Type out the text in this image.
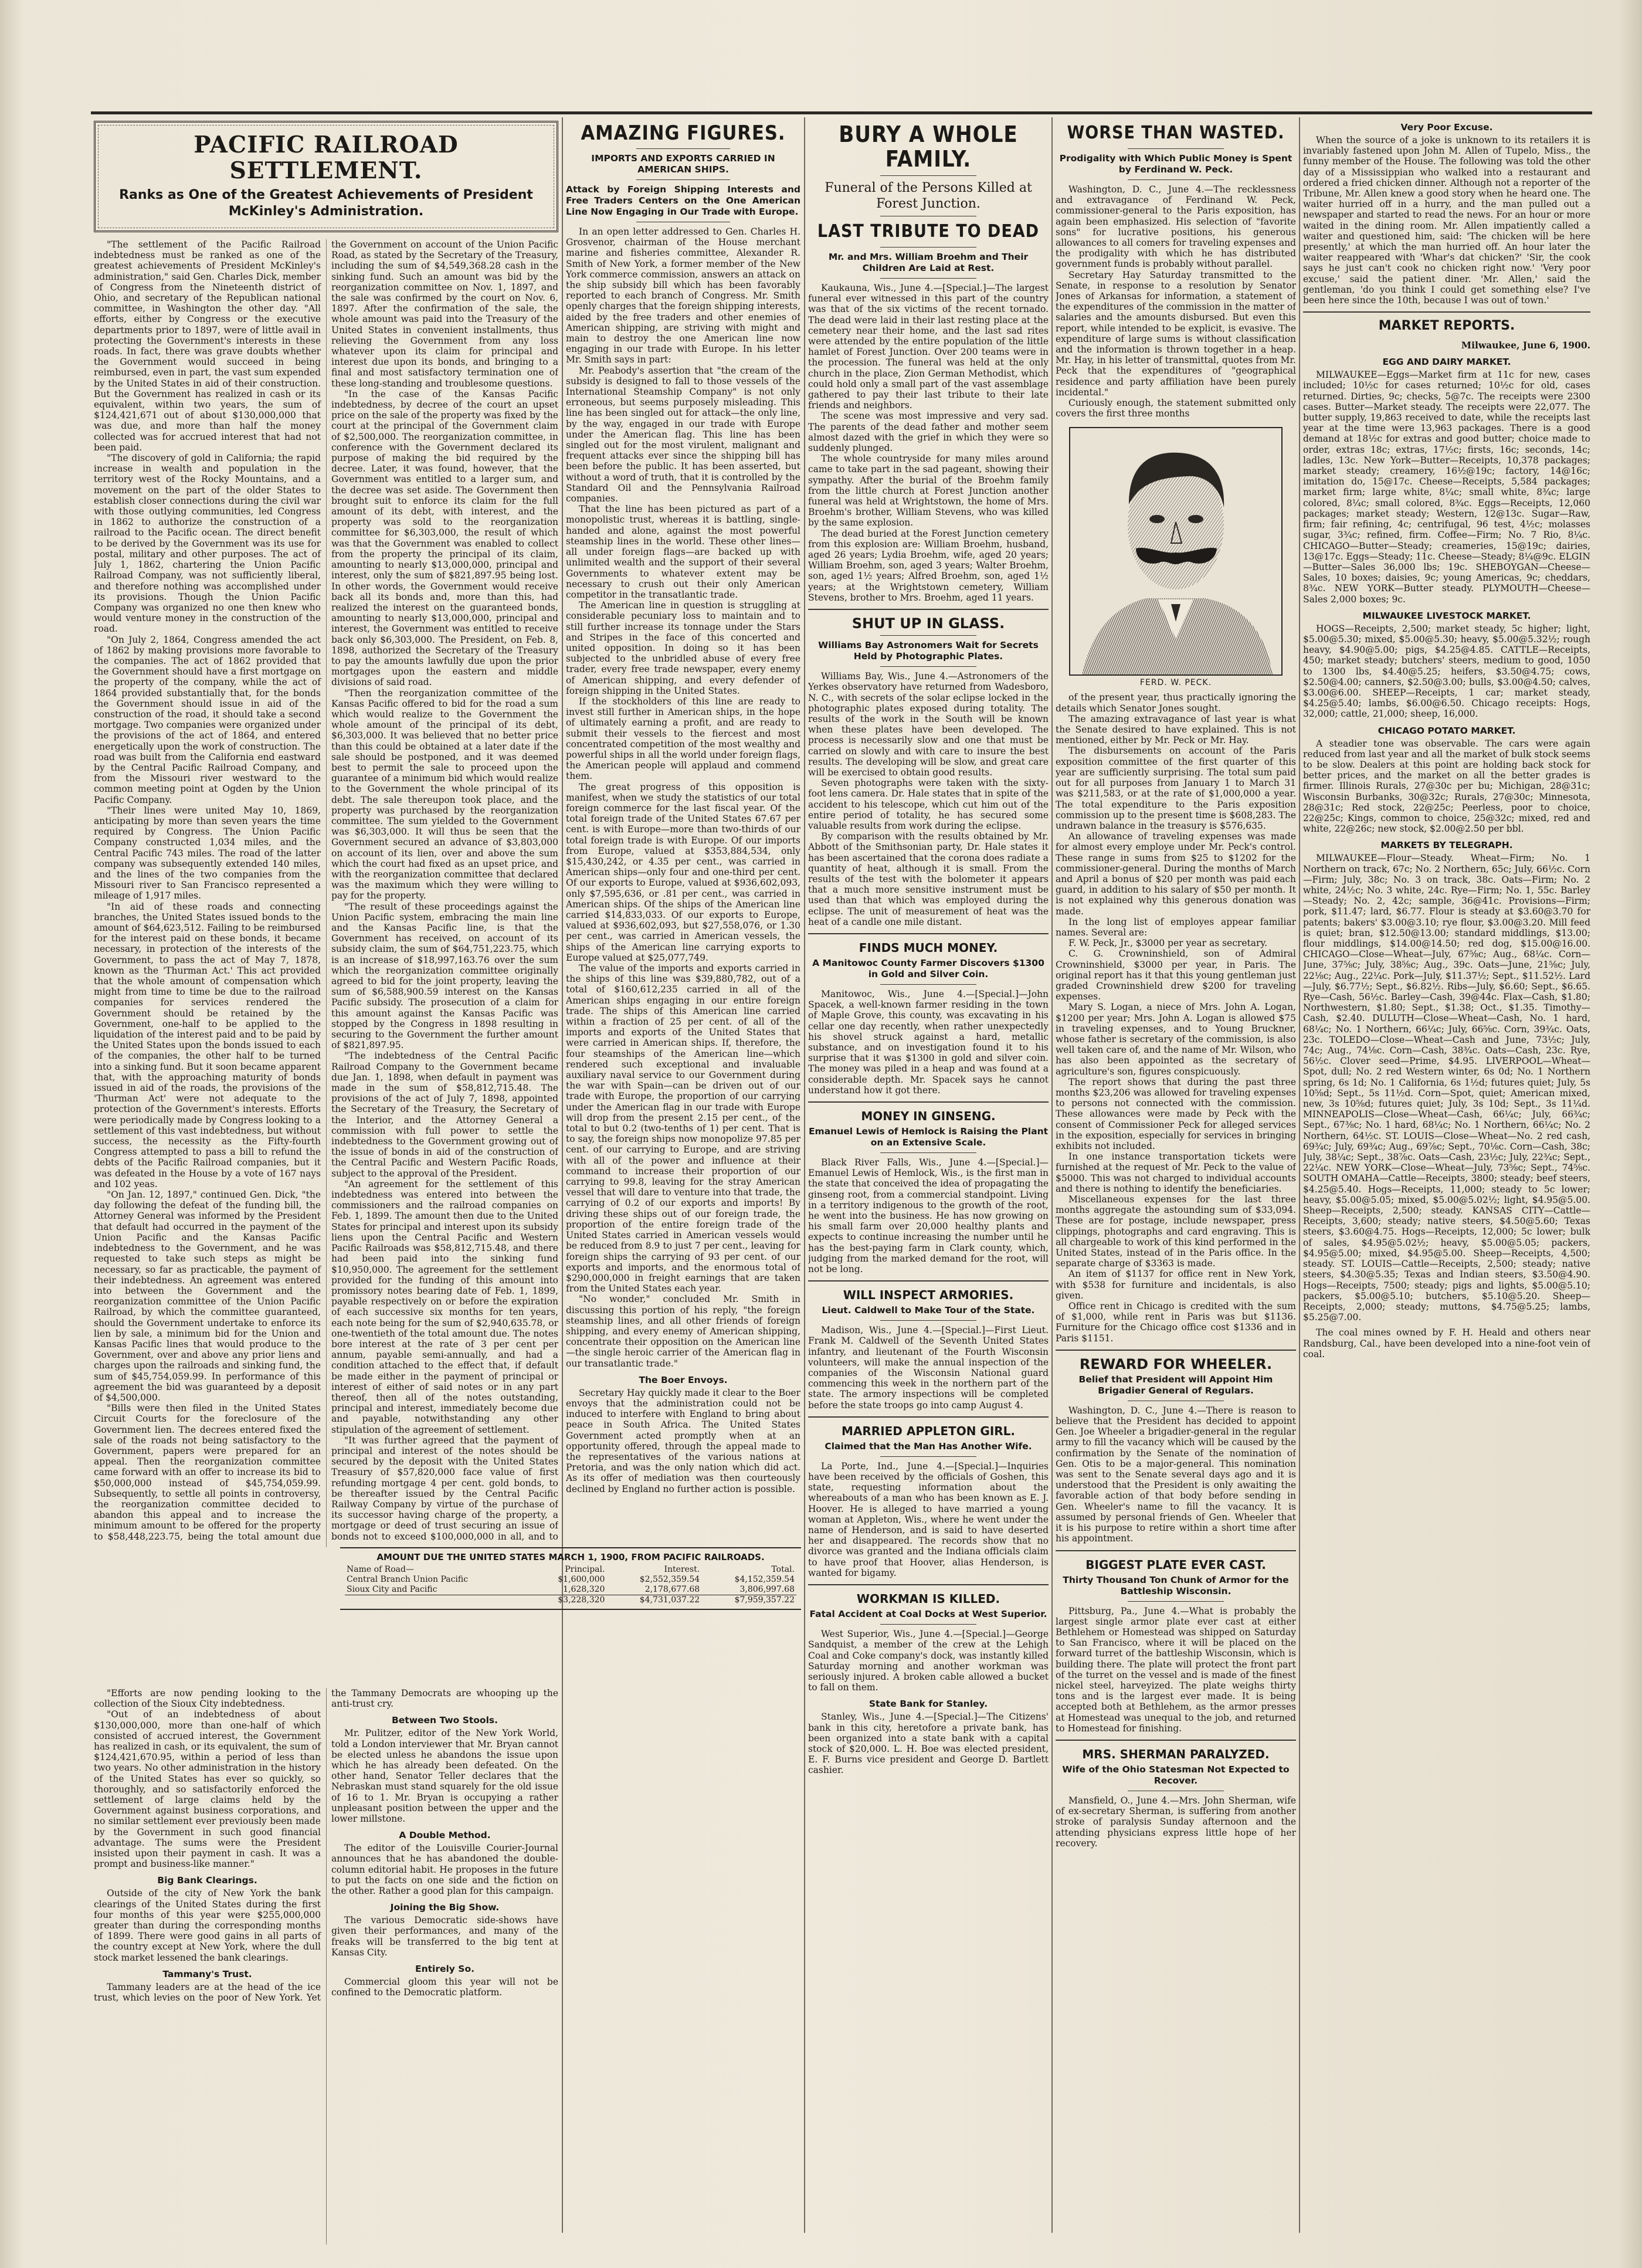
PACIFIC RAILROAD SETTLEMENT.
Ranks as One of the Greatest Achievements of President McKinley's Administration.

"The settlement of the Pacific Railroad indebtedness must be ranked as one of the greatest achievements of President McKinley's administration," said Gen. Charles Dick, member of Congress from the Nineteenth district of Ohio, and secretary of the Republican national committee, in Washington the other day. "All efforts, either by Congress or the executive departments prior to 1897, were of little avail in protecting the Government's interests in these roads. In fact, there was grave doubts whether the Government would succeed in being reimbursed, even in part, the vast sum expended by the United States in aid of their construction. But the Government has realized in cash or its equivalent, within two years, the sum of $124,421,671 out of about $130,000,000 that was due, and more than half the money collected was for accrued interest that had not been paid.

"The discovery of gold in California; the rapid increase in wealth and population in the territory west of the Rocky Mountains, and a movement on the part of the older States to establish closer connections during the civil war with those outlying communities, led Congress in 1862 to authorize the construction of a railroad to the Pacific ocean. The direct benefit to be derived by the Government was its use for postal, military and other purposes. The act of July 1, 1862, chartering the Union Pacific Railroad Company, was not sufficiently liberal, and therefore nothing was accomplished under its provisions. Though the Union Pacific Company was organized no one then knew who would venture money in the construction of the road.

"On July 2, 1864, Congress amended the act of 1862 by making provisions more favorable to the companies. The act of 1862 provided that the Government should have a first mortgage on the property of the company, while the act of 1864 provided substantially that, for the bonds the Government should issue in aid of the construction of the road, it should take a second mortgage. Two companies were organized under the provisions of the act of 1864, and entered energetically upon the work of construction. The road was built from the California end eastward by the Central Pacific Railroad Company, and from the Missouri river westward to the common meeting point at Ogden by the Union Pacific Company.

"Their lines were united May 10, 1869, anticipating by more than seven years the time required by Congress. The Union Pacific Company constructed 1,034 miles, and the Central Pacific 743 miles. The road of the latter company was subsequently extended 140 miles, and the lines of the two companies from the Missouri river to San Francisco represented a mileage of 1,917 miles.

"In aid of these roads and connecting branches, the United States issued bonds to the amount of $64,623,512. Failing to be reimbursed for the interest paid on these bonds, it became necessary, in protection of the interests of the Government, to pass the act of May 7, 1878, known as the 'Thurman Act.' This act provided that the whole amount of compensation which might from time to time be due to the railroad companies for services rendered the Government should be retained by the Government, one-half to be applied to the liquidation of the interest paid and to be paid by the United States upon the bonds issued to each of the companies, the other half to be turned into a sinking fund. But it soon became apparent that, with the approaching maturity of bonds issued in aid of the roads, the provisions of the 'Thurman Act' were not adequate to the protection of the Government's interests. Efforts were periodically made by Congress looking to a settlement of this vast indebtedness, but without success, the necessity as the Fifty-fourth Congress attempted to pass a bill to refund the debts of the Pacific Railroad companies, but it was defeated in the House by a vote of 167 nays and 102 yeas.

"On Jan. 12, 1897," continued Gen. Dick, "the day following the defeat of the funding bill, the Attorney General was informed by the President that default had occurred in the payment of the Union Pacific and the Kansas Pacific indebtedness to the Government, and he was requested to take such steps as might be necessary, so far as practicable, the payment of their indebtedness. An agreement was entered into between the Government and the reorganization committee of the Union Pacific Railroad, by which the committee guaranteed, should the Government undertake to enforce its lien by sale, a minimum bid for the Union and Kansas Pacific lines that would produce to the Government, over and above any prior liens and charges upon the railroads and sinking fund, the sum of $45,754,059.99. In performance of this agreement the bid was guaranteed by a deposit of $4,500,000.

"Bills were then filed in the United States Circuit Courts for the foreclosure of the Government lien. The decrees entered fixed the sale of the roads not being satisfactory to the Government, papers were prepared for an appeal. Then the reorganization committee came forward with an offer to increase its bid to $50,000,000 instead of $45,754,059.99. Subsequently, to settle all points in controversy, the reorganization committee decided to abandon this appeal and to increase the minimum amount to be offered for the property to $58,448,223.75, being the total amount due the Government on account of the Union Pacific Road, as stated by the Secretary of the Treasury, including the sum of $4,549,368.28 cash in the sinking fund. Such an amount was bid by the reorganization committee on Nov. 1, 1897, and the sale was confirmed by the court on Nov. 6, 1897. After the confirmation of the sale, the whole amount was paid into the Treasury of the United States in convenient installments, thus relieving the Government from any loss whatever upon its claim for principal and interest due upon its bonds, and bringing to a final and most satisfactory termination one of these long-standing and troublesome questions.

"In the case of the Kansas Pacific indebtedness, by decree of the court an upset price on the sale of the property was fixed by the court at the principal of the Government claim of $2,500,000. The reorganization committee, in conference with the Government declared its purpose of making the bid required by the decree. Later, it was found, however, that the Government was entitled to a larger sum, and the decree was set aside. The Government then brought suit to enforce its claim for the full amount of its debt, with interest, and the property was sold to the reorganization committee for $6,303,000, the result of which was that the Government was enabled to collect from the property the principal of its claim, amounting to nearly $13,000,000, principal and interest, only the sum of $821,897.95 being lost. In other words, the Government would receive back all its bonds and, more than this, had realized the interest on the guaranteed bonds, amounting to nearly $13,000,000, principal and interest, the Government was entitled to receive back only $6,303,000. The President, on Feb. 8, 1898, authorized the Secretary of the Treasury to pay the amounts lawfully due upon the prior mortgages upon the eastern and middle divisions of said road.

"Then the reorganization committee of the Kansas Pacific offered to bid for the road a sum which would realize to the Government the whole amount of the principal of its debt, $6,303,000. It was believed that no better price than this could be obtained at a later date if the sale should be postponed, and it was deemed best to permit the sale to proceed upon the guarantee of a minimum bid which would realize to the Government the whole principal of its debt. The sale thereupon took place, and the property was purchased by the reorganization committee. The sum yielded to the Government was $6,303,000. It will thus be seen that the Government secured an advance of $3,803,000 on account of its lien, over and above the sum which the court had fixed as an upset price, and with the reorganization committee that declared was the maximum which they were willing to pay for the property.

"The result of these proceedings against the Union Pacific system, embracing the main line and the Kansas Pacific line, is that the Government has received, on account of its subsidy claim, the sum of $64,751,223.75, which is an increase of $18,997,163.76 over the sum which the reorganization committee originally agreed to bid for the joint property, leaving the sum of $6,588,900.59 interest on the Kansas Pacific subsidy. The prosecution of a claim for this amount against the Kansas Pacific was stopped by the Congress in 1898 resulting in securing to the Government the further amount of $821,897.95.

"The indebtedness of the Central Pacific Railroad Company to the Government became due Jan. 1, 1898, when default in payment was made in the sum of $58,812,715.48. The provisions of the act of July 7, 1898, appointed the Secretary of the Treasury, the Secretary of the Interior, and the Attorney General a commission with full power to settle the indebtedness to the Government growing out of the issue of bonds in aid of the construction of the Central Pacific and Western Pacific Roads, subject to the approval of the President.

"An agreement for the settlement of this indebtedness was entered into between the commissioners and the railroad companies on Feb. 1, 1899. The amount then due to the United States for principal and interest upon its subsidy liens upon the Central Pacific and Western Pacific Railroads was $58,812,715.48, and there had been paid into the sinking fund $10,950,000. The agreement for the settlement provided for the funding of this amount into promissory notes bearing date of Feb. 1, 1899, payable respectively on or before the expiration of each successive six months for ten years, each note being for the sum of $2,940,635.78, or one-twentieth of the total amount due. The notes bore interest at the rate of 3 per cent per annum, payable semi-annually, and had a condition attached to the effect that, if default be made either in the payment of principal or interest of either of said notes or in any part thereof, then all of the notes outstanding, principal and interest, immediately become due and payable, notwithstanding any other stipulation of the agreement of settlement.

"It was further agreed that the payment of principal and interest of the notes should be secured by the deposit with the United States Treasury of $57,820,000 face value of first refunding mortgage 4 per cent. gold bonds, to be thereafter issued by the Central Pacific Railway Company by virtue of the purchase of its successor having charge of the property, a mortgage or deed of trust securing an issue of bonds not to exceed $100,000,000 in all, and to

"Efforts are now pending looking to the collection of the Sioux City indebtedness.

"Out of an indebtedness of about $130,000,000, more than one-half of which consisted of accrued interest, the Government has realized in cash, or its equivalent, the sum of $124,421,670.95, within a period of less than two years. No other administration in the history of the United States has ever so quickly, so thoroughly, and so satisfactorily enforced the settlement of large claims held by the Government against business corporations, and no similar settlement ever previously been made by the Government in such good financial advantage. The sums were the President insisted upon their payment in cash. It was a prompt and business-like manner."

Big Bank Clearings.

Outside of the city of New York the bank clearings of the United States during the first four months of this year were $255,000,000 greater than during the corresponding months of 1899. There were good gains in all parts of the country except at New York, where the dull stock market lessened the bank clearings.

Tammany's Trust.

Tammany leaders are at the head of the ice trust, which levies on the poor of New York. Yet the Tammany Democrats are whooping up the anti-trust cry.

Between Two Stools.

Mr. Pulitzer, editor of the New York World, told a London interviewer that Mr. Bryan cannot be elected unless he abandons the issue upon which he has already been defeated. On the other hand, Senator Teller declares that the Nebraskan must stand squarely for the old issue of 16 to 1. Mr. Bryan is occupying a rather unpleasant position between the upper and the lower millstone.

A Double Method.

The editor of the Louisville Courier-Journal announces that he has abandoned the double-column editorial habit. He proposes in the future to put the facts on one side and the fiction on the other. Rather a good plan for this campaign.

Joining the Big Show.

The various Democratic side-shows have given their performances, and many of the freaks will be transferred to the big tent at Kansas City.

Entirely So.

Commercial gloom this year will not be confined to the Democratic platform.

AMAZING FIGURES.
IMPORTS AND EXPORTS CARRIED IN AMERICAN SHIPS.
Attack by Foreign Shipping Interests and Free Traders Centers on the One American Line Now Engaging in Our Trade with Europe.

In an open letter addressed to Gen. Charles H. Grosvenor, chairman of the House merchant marine and fisheries committee, Alexander R. Smith of New York, a former member of the New York commerce commission, answers an attack on the ship subsidy bill which has been favorably reported to each branch of Congress. Mr. Smith openly charges that the foreign shipping interests, aided by the free traders and other enemies of American shipping, are striving with might and main to destroy the one American line now engaging in our trade with Europe. In his letter Mr. Smith says in part:

Mr. Peabody's assertion that "the cream of the subsidy is designed to fall to those vessels of the International Steamship Company" is not only erroneous, but seems purposely misleading. This line has been singled out for attack—the only line, by the way, engaged in our trade with Europe under the American flag. This line has been singled out for the most virulent, malignant and frequent attacks ever since the shipping bill has been before the public. It has been asserted, but without a word of truth, that it is controlled by the Standard Oil and the Pennsylvania Railroad companies.

That the line has been pictured as part of a monopolistic trust, whereas it is battling, single-handed and alone, against the most powerful steamship lines in the world. These other lines—all under foreign flags—are backed up with unlimited wealth and the support of their several Governments to whatever extent may be necessary to crush out their only American competitor in the transatlantic trade.

The American line in question is struggling at considerable pecuniary loss to maintain and to still further increase its tonnage under the Stars and Stripes in the face of this concerted and united opposition. In doing so it has been subjected to the unbridled abuse of every free trader, every free trade newspaper, every enemy of American shipping, and every defender of foreign shipping in the United States.

If the stockholders of this line are ready to invest still further in American ships, in the hope of ultimately earning a profit, and are ready to submit their vessels to the fiercest and most concentrated competition of the most wealthy and powerful ships in all the world under foreign flags, the American people will applaud and commend them.

The great progress of this opposition is manifest, when we study the statistics of our total foreign commerce for the last fiscal year. Of the total foreign trade of the United States 67.67 per cent. is with Europe—more than two-thirds of our total foreign trade is with Europe. Of our imports from Europe, valued at $353,884,534, only $15,430,242, or 4.35 per cent., was carried in American ships—only four and one-third per cent. Of our exports to Europe, valued at $936,602,093, only $7,595,636, or .81 per cent., was carried in American ships. Of the ships of the American line carried $14,833,033. Of our exports to Europe, valued at $936,602,093, but $27,558,076, or 1.30 per cent., was carried in American vessels, the ships of the American line carrying exports to Europe valued at $25,077,749.

The value of the imports and exports carried in the ships of this line was $39,880,782, out of a total of $160,612,235 carried in all of the American ships engaging in our entire foreign trade. The ships of this American line carried within a fraction of 25 per cent. of all of the imports and exports of the United States that were carried in American ships. If, therefore, the four steamships of the American line—which rendered such exceptional and invaluable auxiliary naval service to our Government during the war with Spain—can be driven out of our trade with Europe, the proportion of our carrying under the American flag in our trade with Europe will drop from the present 2.15 per cent., of the total to but 0.2 (two-tenths of 1) per cent. That is to say, the foreign ships now monopolize 97.85 per cent. of our carrying to Europe, and are striving with all of the power and influence at their command to increase their proportion of our carrying to 99.8, leaving for the stray American vessel that will dare to venture into that trade, the carrying of 0.2 of our exports and imports! By driving these ships out of our foreign trade, the proportion of the entire foreign trade of the United States carried in American vessels would be reduced from 8.9 to just 7 per cent., leaving for foreign ships the carrying of 93 per cent. of our exports and imports, and the enormous total of $290,000,000 in freight earnings that are taken from the United States each year.

"No wonder," concluded Mr. Smith in discussing this portion of his reply, "the foreign steamship lines, and all other friends of foreign shipping, and every enemy of American shipping, concentrate their opposition on the American line—the single heroic carrier of the American flag in our transatlantic trade."

The Boer Envoys.

Secretary Hay quickly made it clear to the Boer envoys that the administration could not be induced to interfere with England to bring about peace in South Africa. The United States Government acted promptly when at an opportunity offered, through the appeal made to the representatives of the various nations at Pretoria, and was the only nation which did act. As its offer of mediation was then courteously declined by England no further action is possible.

AMOUNT DUE THE UNITED STATES MARCH 1, 1900, FROM PACIFIC RAILROADS.
Name of Road—	Principal.	Interest.	Total.
Central Branch Union Pacific	$1,600,000	$2,552,359.54	$4,152,359.54
Sioux City and Pacific	1,628,320	2,178,677.68	3,806,997.68
	$3,228,320	$4,731,037.22	$7,959,357.22
BURY A WHOLE FAMILY.
Funeral of the Persons Killed at Forest Junction.
LAST TRIBUTE TO DEAD
Mr. and Mrs. William Broehm and Their Children Are Laid at Rest.

Kaukauna, Wis., June 4.—[Special.]—The largest funeral ever witnessed in this part of the country was that of the six victims of the recent tornado. The dead were laid in their last resting place at the cemetery near their home, and the last sad rites were attended by the entire population of the little hamlet of Forest Junction. Over 200 teams were in the procession. The funeral was held at the only church in the place, Zion German Methodist, which could hold only a small part of the vast assemblage gathered to pay their last tribute to their late friends and neighbors.

The scene was most impressive and very sad. The parents of the dead father and mother seem almost dazed with the grief in which they were so suddenly plunged.

The whole countryside for many miles around came to take part in the sad pageant, showing their sympathy. After the burial of the Broehm family from the little church at Forest Junction another funeral was held at Wrightstown, the home of Mrs. Broehm's brother, William Stevens, who was killed by the same explosion.

The dead buried at the Forest Junction cemetery from this explosion are: William Broehm, husband, aged 26 years; Lydia Broehm, wife, aged 20 years; William Broehm, son, aged 3 years; Walter Broehm, son, aged 1½ years; Alfred Broehm, son, aged 1½ years; at the Wrightstown cemetery, William Stevens, brother to Mrs. Broehm, aged 11 years.

SHUT UP IN GLASS.
Williams Bay Astronomers Wait for Secrets Held by Photographic Plates.

Williams Bay, Wis., June 4.—Astronomers of the Yerkes observatory have returned from Wadesboro, N. C., with secrets of the solar eclipse locked in the photographic plates exposed during totality. The results of the work in the South will be known when these plates have been developed. The process is necessarily slow and one that must be carried on slowly and with care to insure the best results. The developing will be slow, and great care will be exercised to obtain good results.

Seven photographs were taken with the sixty-foot lens camera. Dr. Hale states that in spite of the accident to his telescope, which cut him out of the entire period of totality, he has secured some valuable results from work during the eclipse.

By comparison with the results obtained by Mr. Abbott of the Smithsonian party, Dr. Hale states it has been ascertained that the corona does radiate a quantity of heat, although it is small. From the results of the test with the bolometer it appears that a much more sensitive instrument must be used than that which was employed during the eclipse. The unit of measurement of heat was the heat of a candle one mile distant.

FINDS MUCH MONEY.
A Manitowoc County Farmer Discovers $1300 in Gold and Silver Coin.

Manitowoc, Wis., June 4.—[Special.]—John Spacek, a well-known farmer residing in the town of Maple Grove, this county, was excavating in his cellar one day recently, when rather unexpectedly his shovel struck against a hard, metallic substance, and on investigation found it to his surprise that it was $1300 in gold and silver coin. The money was piled in a heap and was found at a considerable depth. Mr. Spacek says he cannot understand how it got there.

MONEY IN GINSENG.
Emanuel Lewis of Hemlock is Raising the Plant on an Extensive Scale.

Black River Falls, Wis., June 4.—[Special.]—Emanuel Lewis of Hemlock, Wis., is the first man in the state that conceived the idea of propagating the ginseng root, from a commercial standpoint. Living in a territory indigenous to the growth of the root, he went into the business. He has now growing on his small farm over 20,000 healthy plants and expects to continue increasing the number until he has the best-paying farm in Clark county, which, judging from the marked demand for the root, will not be long.

WILL INSPECT ARMORIES.
Lieut. Caldwell to Make Tour of the State.

Madison, Wis., June 4.—[Special.]—First Lieut. Frank M. Caldwell of the Seventh United States infantry, and lieutenant of the Fourth Wisconsin volunteers, will make the annual inspection of the companies of the Wisconsin National guard commencing this week in the northern part of the state. The armory inspections will be completed before the state troops go into camp August 4.

MARRIED APPLETON GIRL.
Claimed that the Man Has Another Wife.

La Porte, Ind., June 4.—[Special.]—Inquiries have been received by the officials of Goshen, this state, requesting information about the whereabouts of a man who has been known as E. J. Hoover. He is alleged to have married a young woman at Appleton, Wis., where he went under the name of Henderson, and is said to have deserted her and disappeared. The records show that no divorce was granted and the Indiana officials claim to have proof that Hoover, alias Henderson, is wanted for bigamy.

WORKMAN IS KILLED.
Fatal Accident at Coal Docks at West Superior.

West Superior, Wis., June 4.—[Special.]—George Sandquist, a member of the crew at the Lehigh Coal and Coke company's dock, was instantly killed Saturday morning and another workman was seriously injured. A broken cable allowed a bucket to fall on them.

State Bank for Stanley.

Stanley, Wis., June 4.—[Special.]—The Citizens' bank in this city, heretofore a private bank, has been organized into a state bank with a capital stock of $20,000. L. H. Boe was elected president, E. F. Burns vice president and George D. Bartlett cashier.

WORSE THAN WASTED.
Prodigality with Which Public Money is Spent by Ferdinand W. Peck.

Washington, D. C., June 4.—The recklessness and extravagance of Ferdinand W. Peck, commissioner-general to the Paris exposition, has again been emphasized. His selection of "favorite sons" for lucrative positions, his generous allowances to all comers for traveling expenses and the prodigality with which he has distributed government funds is probably without parallel.

Secretary Hay Saturday transmitted to the Senate, in response to a resolution by Senator Jones of Arkansas for information, a statement of the expenditures of the commission in the matter of salaries and the amounts disbursed. But even this report, while intended to be explicit, is evasive. The expenditure of large sums is without classification and the information is thrown together in a heap. Mr. Hay, in his letter of transmittal, quotes from Mr. Peck that the expenditures of "geographical residence and party affiliation have been purely incidental."

Curiously enough, the statement submitted only covers the first three months

FERD. W. PECK.

of the present year, thus practically ignoring the details which Senator Jones sought.

The amazing extravagance of last year is what the Senate desired to have explained. This is not mentioned, either by Mr. Peck or Mr. Hay.

The disbursements on account of the Paris exposition committee of the first quarter of this year are sufficiently surprising. The total sum paid out for all purposes from January 1 to March 31 was $211,583, or at the rate of $1,000,000 a year. The total expenditure to the Paris exposition commission up to the present time is $608,283. The undrawn balance in the treasury is $576,635.

An allowance of traveling expenses was made for almost every employe under Mr. Peck's control. These range in sums from $25 to $1202 for the commissioner-general. During the months of March and April a bonus of $20 per month was paid each guard, in addition to his salary of $50 per month. It is not explained why this generous donation was made.

In the long list of employes appear familiar names. Several are:

F. W. Peck, Jr., $3000 per year as secretary.

C. G. Crowninshield, son of Admiral Crowninshield, $3000 per year, in Paris. The original report has it that this young gentleman just graded Crowninshield drew $200 for traveling expenses.

Mary S. Logan, a niece of Mrs. John A. Logan, $1200 per year; Mrs. John A. Logan is allowed $75 in traveling expenses, and to Young Bruckner, whose father is secretary of the commission, is also well taken care of, and the name of Mr. Wilson, who has also been appointed as the secretary of agriculture's son, figures conspicuously.

The report shows that during the past three months $23,206 was allowed for traveling expenses to persons not connected with the commission. These allowances were made by Peck with the consent of Commissioner Peck for alleged services in the exposition, especially for services in bringing exhibits not included.

In one instance transportation tickets were furnished at the request of Mr. Peck to the value of $5000. This was not charged to individual accounts and there is nothing to identify the beneficiaries.

Miscellaneous expenses for the last three months aggregate the astounding sum of $33,094. These are for postage, include newspaper, press clippings, photographs and card engraving. This is all chargeable to work of this kind performed in the United States, instead of in the Paris office. In the separate charge of $3363 is made.

An item of $1137 for office rent in New York, with $538 for furniture and incidentals, is also given.

Office rent in Chicago is credited with the sum of $1,000, while rent in Paris was but $1136. Furniture for the Chicago office cost $1336 and in Paris $1151.

REWARD FOR WHEELER.
Belief that President will Appoint Him Brigadier General of Regulars.

Washington, D. C., June 4.—There is reason to believe that the President has decided to appoint Gen. Joe Wheeler a brigadier-general in the regular army to fill the vacancy which will be caused by the confirmation by the Senate of the nomination of Gen. Otis to be a major-general. This nomination was sent to the Senate several days ago and it is understood that the President is only awaiting the favorable action of that body before sending in Gen. Wheeler's name to fill the vacancy. It is assumed by personal friends of Gen. Wheeler that it is his purpose to retire within a short time after his appointment.

BIGGEST PLATE EVER CAST.
Thirty Thousand Ton Chunk of Armor for the Battleship Wisconsin.

Pittsburg, Pa., June 4.—What is probably the largest single armor plate ever cast at either Bethlehem or Homestead was shipped on Saturday to San Francisco, where it will be placed on the forward turret of the battleship Wisconsin, which is building there. The plate will protect the front part of the turret on the vessel and is made of the finest nickel steel, harveyized. The plate weighs thirty tons and is the largest ever made. It is being accepted both at Bethlehem, as the armor presses at Homestead was unequal to the job, and returned to Homestead for finishing.

MRS. SHERMAN PARALYZED.
Wife of the Ohio Statesman Not Expected to Recover.

Mansfield, O., June 4.—Mrs. John Sherman, wife of ex-secretary Sherman, is suffering from another stroke of paralysis Sunday afternoon and the attending physicians express little hope of her recovery.

Very Poor Excuse.

When the source of a joke is unknown to its retailers it is invariably fastened upon John M. Allen of Tupelo, Miss., the funny member of the House. The following was told the other day of a Mississippian who walked into a restaurant and ordered a fried chicken dinner. Although not a reporter of the Tribune, Mr. Allen knew a good story when he heard one. The waiter hurried off in a hurry, and the man pulled out a newspaper and started to read the news. For an hour or more waited in the dining room. Mr. Allen impatiently called a waiter and questioned him, said: 'The chicken will be here presently,' at which the man hurried off. An hour later the waiter reappeared with 'Whar's dat chicken?' 'Sir, the cook says he just can't cook no chicken right now.' 'Very poor excuse,' said the patient diner. 'Mr. Allen,' said the gentleman, 'do you think I could get something else? I've been here since the 10th, because I was out of town.'

MARKET REPORTS.
Milwaukee, June 6, 1900.
EGG AND DAIRY MARKET.

MILWAUKEE—Eggs—Market firm at 11c for new, cases included; 10½c for cases returned; 10½c for old, cases returned. Dirties, 9c; checks, 5@7c. The receipts were 2300 cases. Butter—Market steady. The receipts were 22,077. The butter supply, 19,863 received to date, while the receipts last year at the time were 13,963 packages. There is a good demand at 18½c for extras and good butter; choice made to order, extras 18c; extras, 17½c; firsts, 16c; seconds, 14c; ladles, 13c. New York—Butter—Receipts, 10,378 packages; market steady; creamery, 16½@19c; factory, 14@16c; imitation do, 15@17c. Cheese—Receipts, 5,584 packages; market firm; large white, 8¼c; small white, 8¾c; large colored, 8¼c; small colored, 8¾c. Eggs—Receipts, 12,060 packages; market steady; Western, 12@13c. Sugar—Raw, firm; fair refining, 4c; centrifugal, 96 test, 4½c; molasses sugar, 3¾c; refined, firm. Coffee—Firm; No. 7 Rio, 8¼c. CHICAGO—Butter—Steady; creameries, 15@19c; dairies, 13@17c. Eggs—Steady; 11c. Cheese—Steady; 8¼@9c. ELGIN—Butter—Sales 36,000 lbs; 19c. SHEBOYGAN—Cheese—Sales, 10 boxes; daisies, 9c; young Americas, 9c; cheddars, 8¾c. NEW YORK—Butter steady. PLYMOUTH—Cheese—Sales 2,000 boxes; 9c.

MILWAUKEE LIVESTOCK MARKET.

HOGS—Receipts, 2,500; market steady, 5c higher; light, $5.00@5.30; mixed, $5.00@5.30; heavy, $5.00@5.32½; rough heavy, $4.90@5.00; pigs, $4.25@4.85. CATTLE—Receipts, 450; market steady; butchers' steers, medium to good, 1050 to 1300 lbs, $4.40@5.25; heifers, $3.50@4.75; cows, $2.50@4.00; canners, $2.50@3.00; bulls, $3.00@4.50; calves, $3.00@6.00. SHEEP—Receipts, 1 car; market steady, $4.25@5.40; lambs, $6.00@6.50. Chicago receipts: Hogs, 32,000; cattle, 21,000; sheep, 16,000.

CHICAGO POTATO MARKET.

A steadier tone was observable. The cars were again reduced from last year and all the market of bulk stock seems to be slow. Dealers at this point are holding back stock for better prices, and the market on all the better grades is firmer. Illinois Rurals, 27@30c per bu; Michigan, 28@31c; Wisconsin Burbanks, 30@32c; Rurals, 27@30c; Minnesota, 28@31c; Red stock, 22@25c; Peerless, poor to choice, 22@25c; Kings, common to choice, 25@32c; mixed, red and white, 22@26c; new stock, $2.00@2.50 per bbl.

MARKETS BY TELEGRAPH.

MILWAUKEE—Flour—Steady. Wheat—Firm; No. 1 Northern on track, 67c; No. 2 Northern, 65c; July, 66½c. Corn—Firm; July, 38c; No. 3 on track, 38c. Oats—Firm; No. 2 white, 24½c; No. 3 white, 24c. Rye—Firm; No. 1, 55c. Barley—Steady; No. 2, 42c; sample, 36@41c. Provisions—Firm; pork, $11.47; lard, $6.77. Flour is steady at $3.60@3.70 for patents; bakers' $3.00@3.10; rye flour, $3.00@3.20. Mill feed is quiet; bran, $12.50@13.00; standard middlings, $13.00; flour middlings, $14.00@14.50; red dog, $15.00@16.00. CHICAGO—Close—Wheat—July, 67⅝c; Aug., 68¼c. Corn—June, 37⅝c; July, 38⅝c; Aug., 39c. Oats—June, 21⅝c; July, 22⅛c; Aug., 22¼c. Pork—July, $11.37½; Sept., $11.52½. Lard—July, $6.77½; Sept., $6.82½. Ribs—July, $6.60; Sept., $6.65. Rye—Cash, 56½c. Barley—Cash, 39@44c. Flax—Cash, $1.80; Northwestern, $1.80; Sept., $1.38; Oct., $1.35. Timothy—Cash, $2.40. DULUTH—Close—Wheat—Cash, No. 1 hard, 68¼c; No. 1 Northern, 66¼c; July, 66⅝c. Corn, 39¾c. Oats, 23c. TOLEDO—Close—Wheat—Cash and June, 73½c; July, 74c; Aug., 74⅛c. Corn—Cash, 38¾c. Oats—Cash, 23c. Rye, 56½c. Clover seed—Prime, $4.95. LIVERPOOL—Wheat—Spot, dull; No. 2 red Western winter, 6s 0d; No. 1 Northern spring, 6s 1d; No. 1 California, 6s 1½d; futures quiet; July, 5s 10⅝d; Sept., 5s 11½d. Corn—Spot, quiet; American mixed, new, 3s 10⅝d; futures quiet; July, 3s 10d; Sept., 3s 11¼d. MINNEAPOLIS—Close—Wheat—Cash, 66¼c; July, 66¾c; Sept., 67⅜c; No. 1 hard, 68¼c; No. 1 Northern, 66¼c; No. 2 Northern, 64½c. ST. LOUIS—Close—Wheat—No. 2 red cash, 69¾c; July, 69¾c; Aug., 69⅞c; Sept., 70⅛c. Corn—Cash, 38c; July, 38¼c; Sept., 38⅞c. Oats—Cash, 23½c; July, 22¾c; Sept., 22¼c. NEW YORK—Close—Wheat—July, 73⅝c; Sept., 74⅝c. SOUTH OMAHA—Cattle—Receipts, 3800; steady; beef steers, $4.25@5.40. Hogs—Receipts, 11,000; steady to 5c lower; heavy, $5.00@5.05; mixed, $5.00@5.02½; light, $4.95@5.00. Sheep—Receipts, 2,500; steady. KANSAS CITY—Cattle—Receipts, 3,600; steady; native steers, $4.50@5.60; Texas steers, $3.60@4.75. Hogs—Receipts, 12,000; 5c lower; bulk of sales, $4.95@5.02½; heavy, $5.00@5.05; packers, $4.95@5.00; mixed, $4.95@5.00. Sheep—Receipts, 4,500; steady. ST. LOUIS—Cattle—Receipts, 2,500; steady; native steers, $4.30@5.35; Texas and Indian steers, $3.50@4.90. Hogs—Receipts, 7500; steady; pigs and lights, $5.00@5.10; packers, $5.00@5.10; butchers, $5.10@5.20. Sheep—Receipts, 2,000; steady; muttons, $4.75@5.25; lambs, $5.25@7.00.

The coal mines owned by F. H. Heald and others near Randsburg, Cal., have been developed into a nine-foot vein of coal.
